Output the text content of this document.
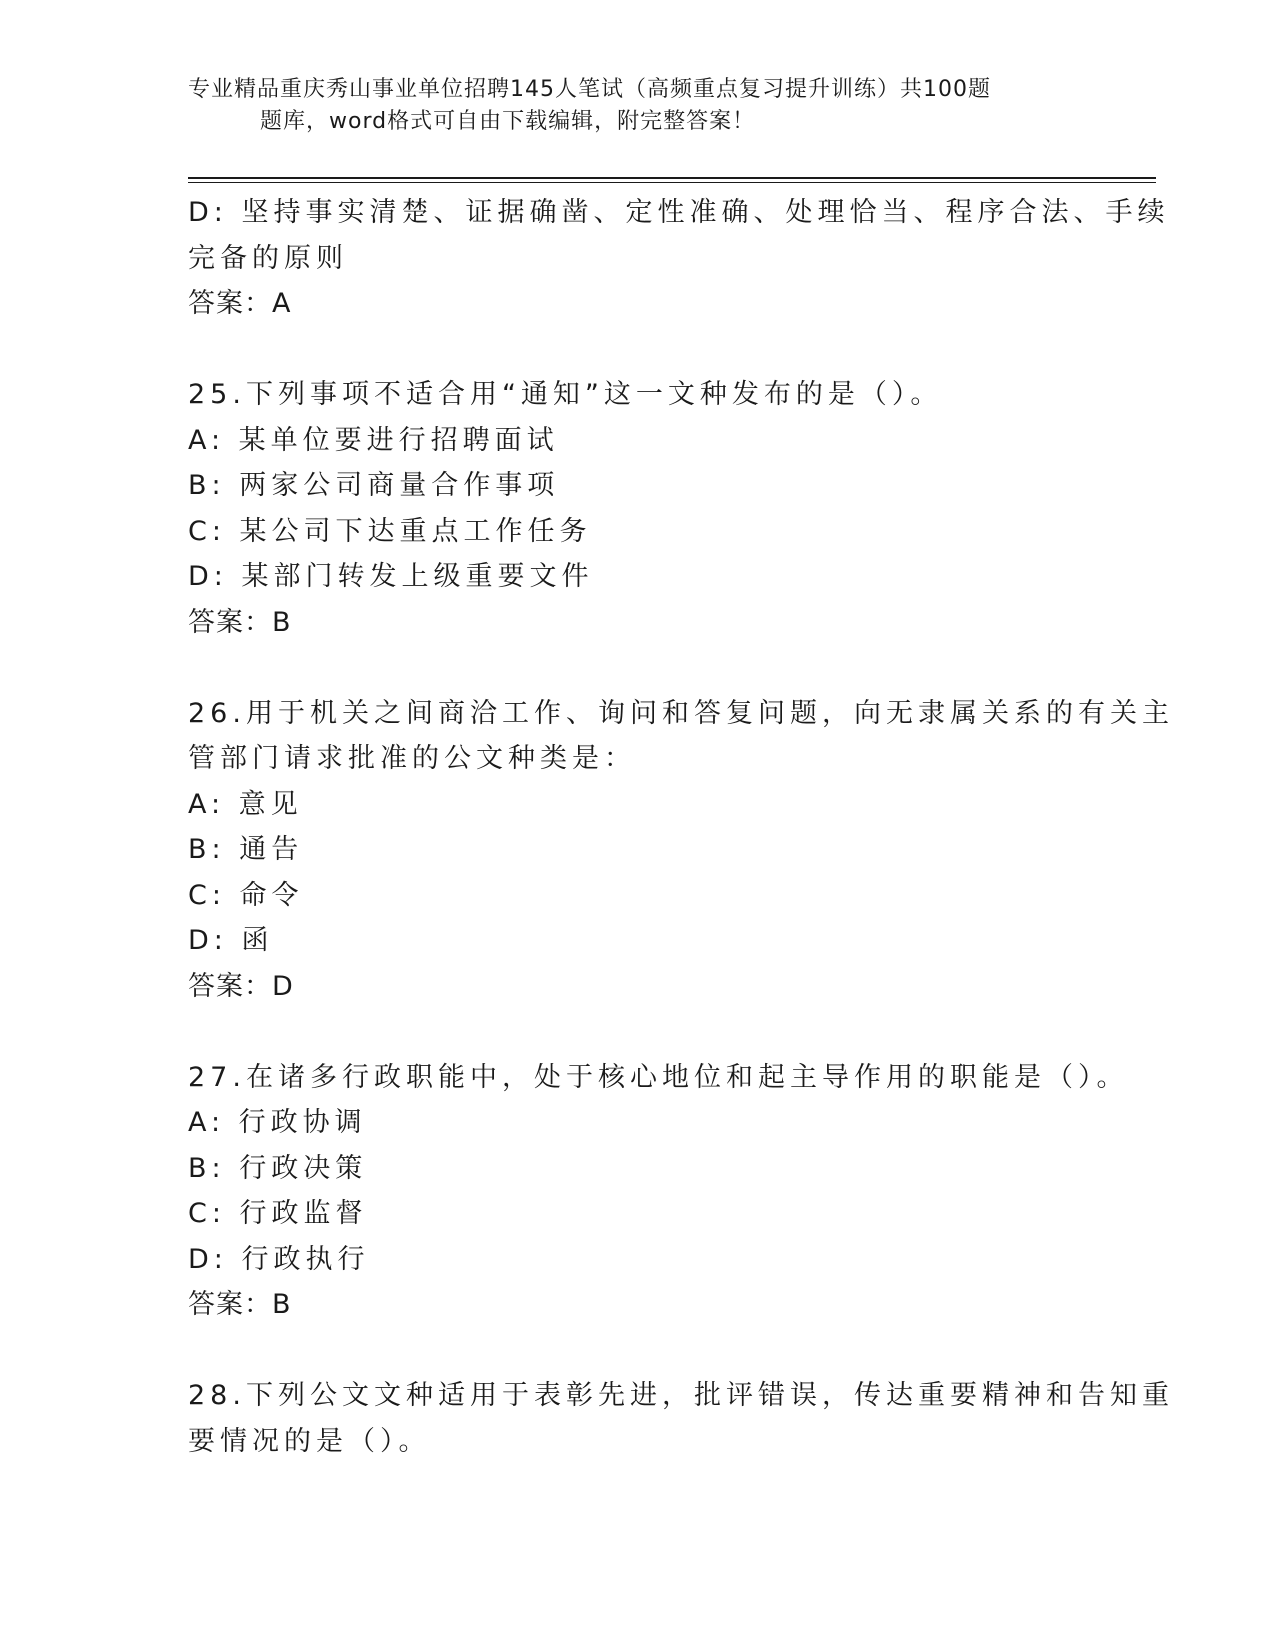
专业精品重庆秀山事业单位招聘145人笔试（高频重点复习提升训练）共100题
题库，word格式可自由下载编辑，附完整答案！
D: 坚持事实清楚、证据确凿、定性准确、处理恰当、程序合法、手续
完备的原则
答案：A
25.下列事项不适合用“通知”这一文种发布的是（）。
A: 某单位要进行招聘面试
B: 两家公司商量合作事项
C: 某公司下达重点工作任务
D: 某部门转发上级重要文件
答案：B
26.用于机关之间商洽工作、询问和答复问题，向无隶属关系的有关主
管部门请求批准的公文种类是：
A: 意见
B: 通告
C: 命令
D: 函
答案：D
27.在诸多行政职能中，处于核心地位和起主导作用的职能是（）。
A: 行政协调
B: 行政决策
C: 行政监督
D: 行政执行
答案：B
28.下列公文文种适用于表彰先进，批评错误，传达重要精神和告知重
要情况的是（）。
